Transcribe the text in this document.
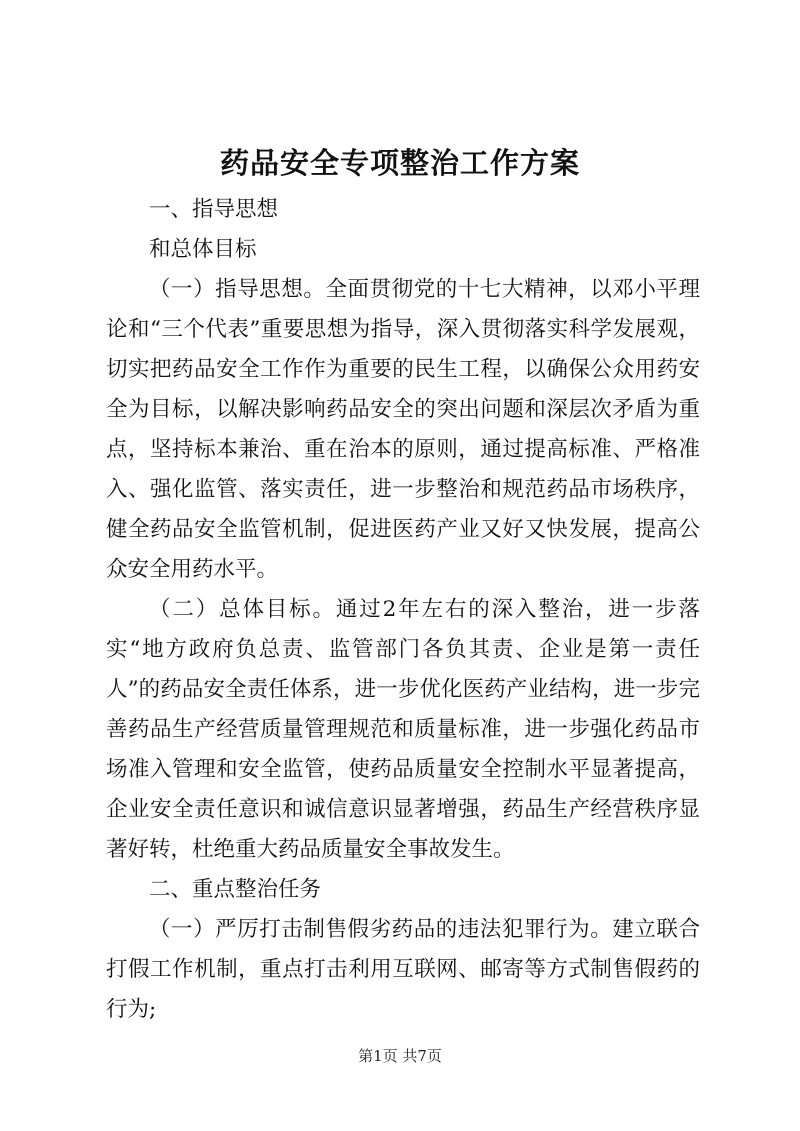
药品安全专项整治工作方案

一、指导思想

和总体目标

（一）指导思想。全面贯彻党的十七大精神，以邓小平理论和“三个代表”重要思想为指导，深入贯彻落实科学发展观，切实把药品安全工作作为重要的民生工程，以确保公众用药安全为目标，以解决影响药品安全的突出问题和深层次矛盾为重点，坚持标本兼治、重在治本的原则，通过提高标准、严格准入、强化监管、落实责任，进一步整治和规范药品市场秩序，健全药品安全监管机制，促进医药产业又好又快发展，提高公众安全用药水平。

（二）总体目标。通过2年左右的深入整治，进一步落实“地方政府负总责、监管部门各负其责、企业是第一责任人”的药品安全责任体系，进一步优化医药产业结构，进一步完善药品生产经营质量管理规范和质量标准，进一步强化药品市场准入管理和安全监管，使药品质量安全控制水平显著提高，企业安全责任意识和诚信意识显著增强，药品生产经营秩序显著好转，杜绝重大药品质量安全事故发生。

二、重点整治任务

（一）严厉打击制售假劣药品的违法犯罪行为。建立联合打假工作机制，重点打击利用互联网、邮寄等方式制售假药的行为;

第1页 共7页
